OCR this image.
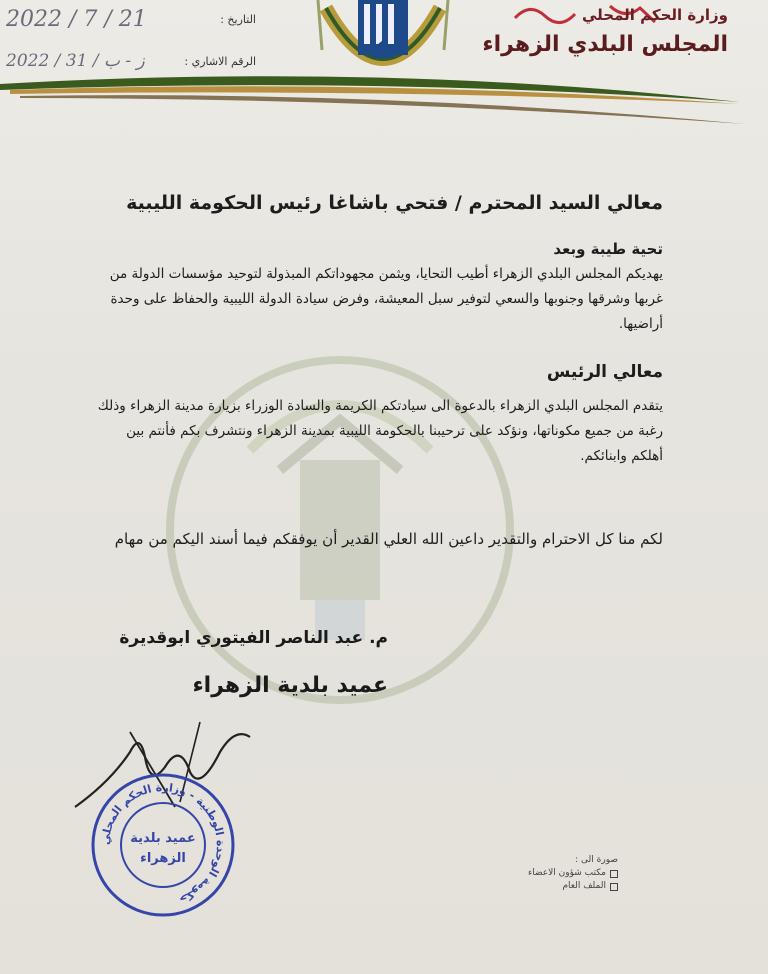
وزارة الحكم المحلي
المجلس البلدي الزهراء
2022 / 7 / 21	التاريخ :
2022 / 31 / ز - ب	الرقم الاشاري :
معالي السيد المحترم / فتحي باشاغا رئيس الحكومة الليبية
تحية طيبة وبعد
يهديكم المجلس البلدي الزهراء أطيب التحايا، ويثمن مجهوداتكم المبذولة لتوحيد مؤسسات الدولة من غربها وشرقها وجنوبها والسعي لتوفير سبل المعيشة، وفرض سيادة الدولة الليبية والحفاظ على وحدة أراضيها.
معالي الرئيس
يتقدم المجلس البلدي الزهراء بالدعوة الى سيادتكم الكريمة والسادة الوزراء بزيارة مدينة الزهراء وذلك رغبة من جميع مكوناتها، ونؤكد على ترحيبنا بالحكومة الليبية بمدينة الزهراء ونتشرف بكم فأنتم بين أهلكم وابنائكم.
لكم منا كل الاحترام والتقدير داعين الله العلي القدير أن يوفقكم فيما أسند اليكم من مهام
م. عبد الناصر الفيتوري ابوقديرة
عميد بلدية الزهراء
حكومة الوحدة الوطنية - وزارة الحكم المحلي
عميد بلدية
الزهراء	صورة الى :
مكتب شؤون الاعضاء
الملف العام
